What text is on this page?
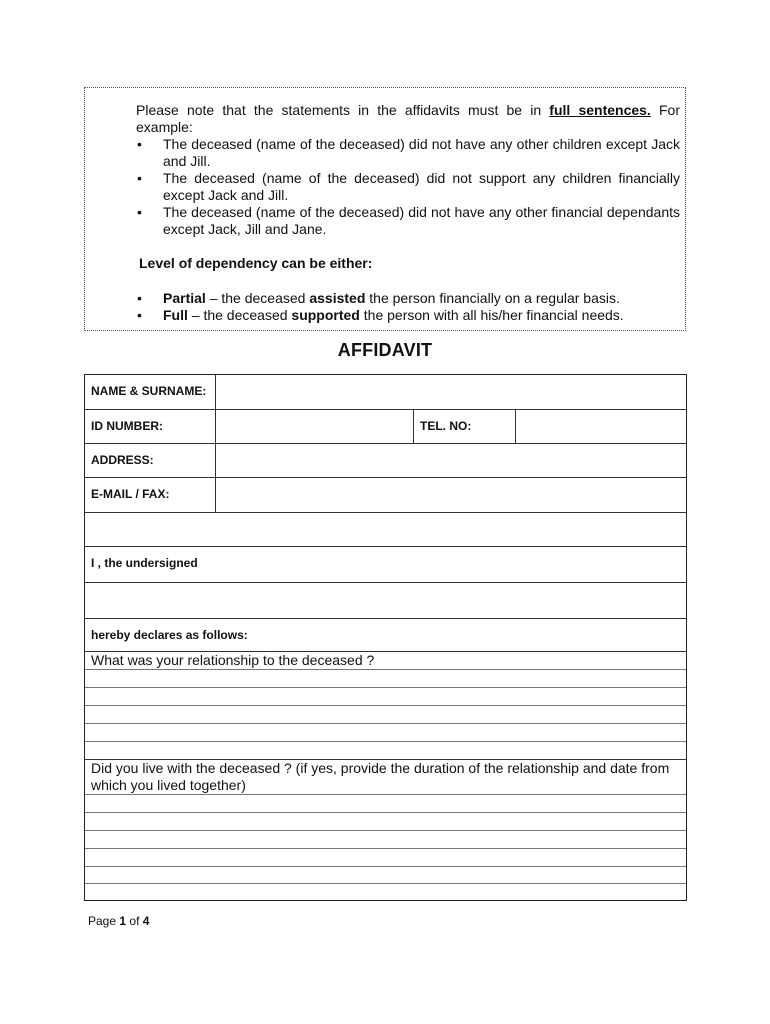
Please note that the statements in the affidavits must be in full sentences. For example:

• The deceased (name of the deceased) did not have any other children except Jack and Jill.
• The deceased (name of the deceased) did not support any children financially except Jack and Jill.
• The deceased (name of the deceased) did not have any other financial dependants except Jack, Jill and Jane.

Level of dependency can be either:

• Partial – the deceased assisted the person financially on a regular basis.
• Full – the deceased supported the person with all his/her financial needs.
AFFIDAVIT
NAME & SURNAME:
ID NUMBER:	TEL. NO:
ADDRESS:
E-MAIL / FAX:
I , the undersigned
hereby declares as follows:
What was your relationship to the deceased ?
Did you live with the deceased ? (if yes, provide the duration of the relationship and date from which you lived together)
Page 1 of 4
